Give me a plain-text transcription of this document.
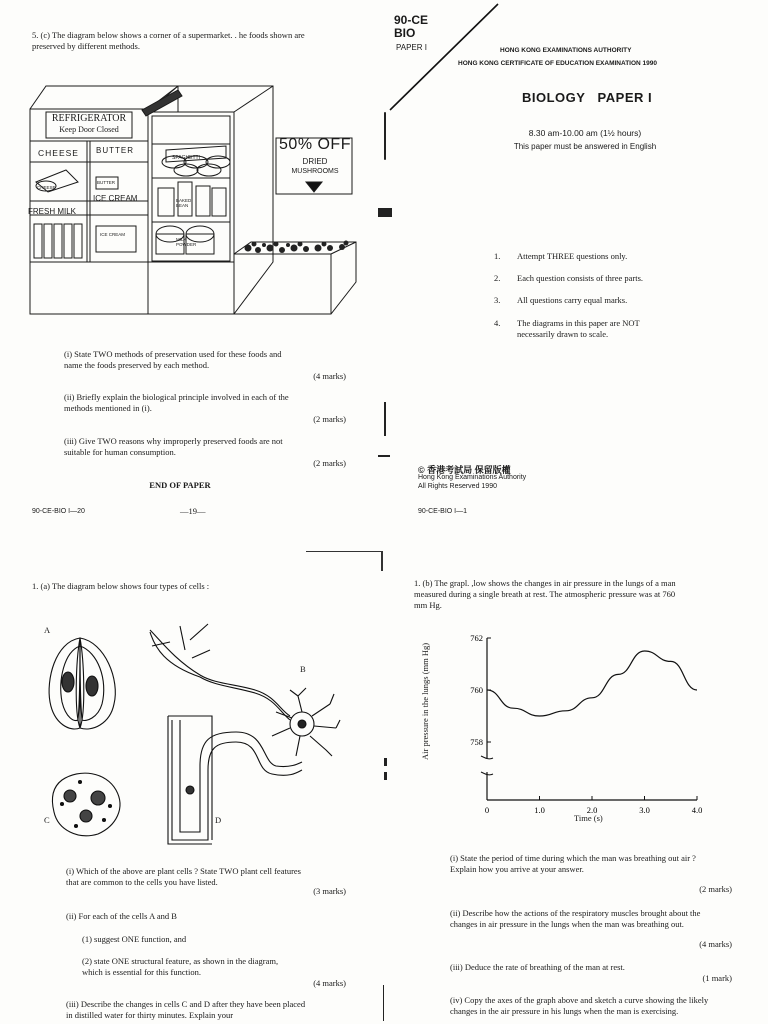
5. (c) The diagram below shows a corner of a supermarket. . he foods shown are preserved by different methods.
REFRIGERATOR
Keep Door Closed
CHEESE BUTTER
FRESH MILK
ICE CREAM
SPAGHETTI
BUTTER
CHEESE
ICE CREAM
BAKED BEAN
MILK POWDER
50% OFF
DRIED
MUSHROOMS
(i) State TWO methods of preservation used for these foods and name the foods preserved by each method.
(4 marks)
(ii) Briefly explain the biological principle involved in each of the methods mentioned in (i).
(2 marks)
(iii) Give TWO reasons why improperly preserved foods are not suitable for human consumption.
(2 marks)
END OF PAPER
90-CE-BIO I—20	—19—
90-CE
BIO
PAPER I	HONG KONG EXAMINATIONS AUTHORITY
HONG KONG CERTIFICATE OF EDUCATION EXAMINATION 1990
BIOLOGY   PAPER I
8.30 am-10.00 am (1½ hours)
This paper must be answered in English
1. Attempt THREE questions only.
2. Each question consists of three parts.
3. All questions carry equal marks.
4. The diagrams in this paper are NOT necessarily drawn to scale.
© 香港考試局 保留版權
Hong Kong Examinations Authority
All Rights Reserved 1990
90-CE-BIO I—1
1. (a) The diagram below shows four types of cells :
A
B
C	D
(i) Which of the above are plant cells ? State TWO plant cell features that are common to the cells you have listed.
(3 marks)
(ii) For each of the cells A and B
(1) suggest ONE function, and
(2) state ONE structural feature, as shown in the diagram, which is essential for this function.
(4 marks)
(iii) Describe the changes in cells C and D after they have been placed in distilled water for thirty minutes. Explain your
1. (b) The grapl. ,low shows the changes in air pressure in the lungs of a man measured during a single breath at rest. The atmospheric pressure was at 760 mm Hg.
0	1.0	2.0	3.0	4.0
758
760
762
Air pressure in the lungs (mm Hg)
Time (s)
(i) State the period of time during which the man was breathing out air ? Explain how you arrive at your answer.
(2 marks)
(ii) Describe how the actions of the respiratory muscles brought about the changes in air pressure in the lungs when the man was breathing out.
(4 marks)
(iii) Deduce the rate of breathing of the man at rest.
(1 mark)
(iv) Copy the axes of the graph above and sketch a curve showing the likely changes in the air pressure in his lungs when the man is exercising.
